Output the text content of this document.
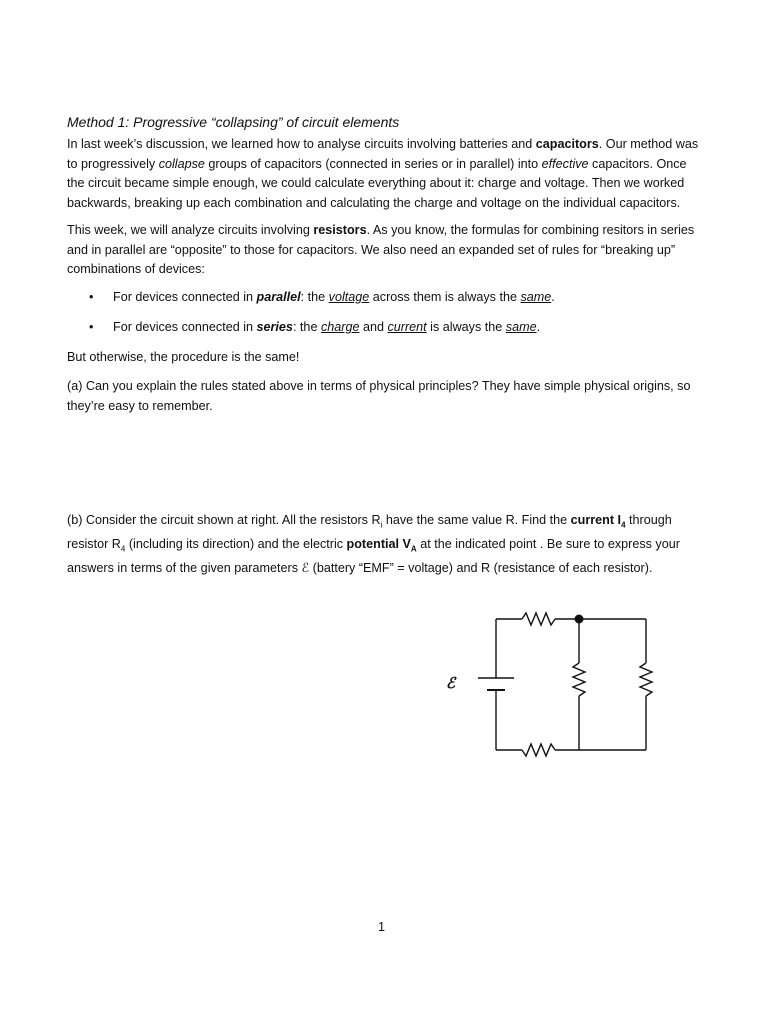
Method 1: Progressive “collapsing” of circuit elements
In last week’s discussion, we learned how to analyse circuits involving batteries and capacitors. Our method was to progressively collapse groups of capacitors (connected in series or in parallel) into effective capacitors. Once the circuit became simple enough, we could calculate everything about it: charge and voltage. Then we worked backwards, breaking up each combination and calculating the charge and voltage on the individual capacitors.
This week, we will analyze circuits involving resistors. As you know, the formulas for combining resitors in series and in parallel are “opposite” to those for capacitors. We also need an expanded set of rules for “breaking up” combinations of devices:
• For devices connected in parallel: the voltage across them is always the same.
• For devices connected in series: the charge and current is always the same.
But otherwise, the procedure is the same!
(a) Can you explain the rules stated above in terms of physical principles? They have simple physical origins, so they’re easy to remember.
(b) Consider the circuit shown at right. All the resistors $R_i$ have the same value R. Find the current $I_4$ through resistor $R_4$ (including its direction) and the electric potential $V_A$ at the indicated point . Be sure to express your answers in terms of the given parameters ℰ (battery “EMF” = voltage) and R (resistance of each resistor).
ℰ
1
